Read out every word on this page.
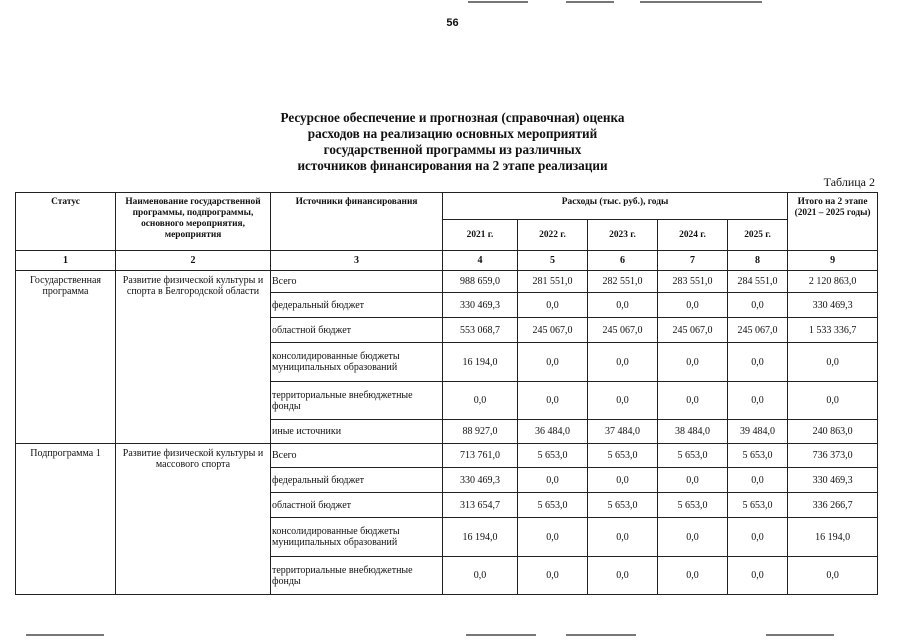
56
Ресурсное обеспечение и прогнозная (справочная) оценка
расходов на реализацию основных мероприятий
государственной программы из различных
источников финансирования на 2 этапе реализации
Таблица 2
Статус	Наименование государственной программы, подпрограммы, основного мероприятия, мероприятия	Источники финансирования	Расходы (тыс. руб.), годы					Итого на 2 этапе (2021 – 2025 годы)
			2021 г.	2022 г.	2023 г.	2024 г.	2025 г.	
1	2	3	4	5	6	7	8	9
Государственная программа	Развитие физической культуры и спорта в Белгородской области	Всего	988 659,0	281 551,0	282 551,0	283 551,0	284 551,0	2 120 863,0
		федеральный бюджет	330 469,3	0,0	0,0	0,0	0,0	330 469,3
		областной бюджет	553 068,7	245 067,0	245 067,0	245 067,0	245 067,0	1 533 336,7
		консолидированные бюджеты муниципальных образований	16 194,0	0,0	0,0	0,0	0,0	0,0
		территориальные внебюджетные фонды	0,0	0,0	0,0	0,0	0,0	0,0
		иные источники	88 927,0	36 484,0	37 484,0	38 484,0	39 484,0	240 863,0
Подпрограмма 1	Развитие физической культуры и массового спорта	Всего	713 761,0	5 653,0	5 653,0	5 653,0	5 653,0	736 373,0
		федеральный бюджет	330 469,3	0,0	0,0	0,0	0,0	330 469,3
		областной бюджет	313 654,7	5 653,0	5 653,0	5 653,0	5 653,0	336 266,7
		консолидированные бюджеты муниципальных образований	16 194,0	0,0	0,0	0,0	0,0	16 194,0
		территориальные внебюджетные фонды	0,0	0,0	0,0	0,0	0,0	0,0
